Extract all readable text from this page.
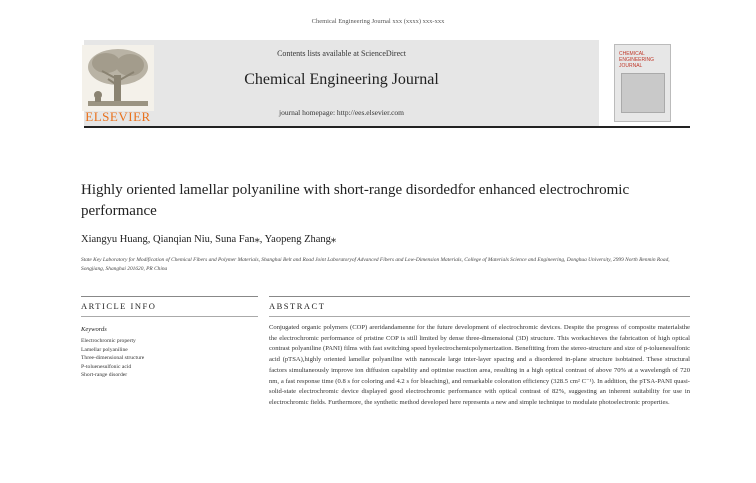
Chemical Engineering Journal xxx (xxxx) xxx-xxx
Contents lists available at ScienceDirect
Chemical Engineering Journal
journal homepage: http://ees.elsevier.com
ELSEVIER
CHEMICAL ENGINEERING JOURNAL
Highly oriented lamellar polyaniline with short-range disordedfor enhanced electrochromic performance
Xiangyu Huang, Qianqian Niu, Suna Fan⁎, Yaopeng Zhang⁎
State Key Laboratory for Modification of Chemical Fibers and Polymer Materials, Shanghai Belt and Road Joint Laboratoryof Advanced Fibers and Low-Dimension Materials, College of Materials Science and Engineering, Donghua University, 2999 North Renmin Road, Songjiang, Shanghai 201620, PR China
ARTICLE INFO	ABSTRACT
Keywords
Electrochromic property
Lamellar polyaniline
Three-dimensional structure
P-toluenesulfonic acid
Short-range disorder
Conjugated organic polymers (COP) areridandamenne for the future development of electrochromic devices. Despite the progress of composite materialsthe the electrochromic performance of pristine COP is still limited by dense three-dimensional (3D) structure. This workachieves the fabrication of high optical contrast polyaniline (PANI) films with fast switching speed byelectrochemicpolymerization. Benefitting from the stereo-structure and size of p-toluenesulfonic acid (pTSA),highly oriented lamellar polyaniline with nanoscale large inter-layer spacing and a disordered in-plane structure isobtained. These structural factors simultaneously improve ion diffusion capability and optimise reaction area, resulting in a high optical contrast of above 70% at a wavelength of 720 nm, a fast response time (0.8 s for coloring and 4.2 s for bleaching), and remarkable coloration efficiency (328.5 cm² C⁻¹). In addition, the pTSA-PANI quasi-solid-state electrochromic device displayed good electrochromic performance with optical contrast of 82%, suggesting an inherent suitability for use in electrochromic fields. Furthermore, the synthetic method developed here represents a new and simple technique to modulate photoelectronic properties.
